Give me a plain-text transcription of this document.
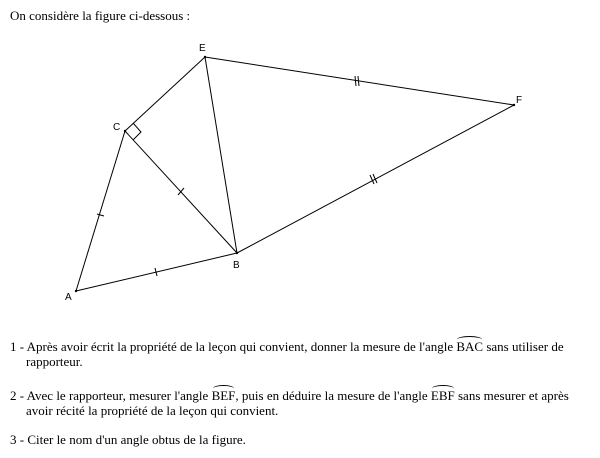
On considère la figure ci-dessous :
A
B
C
E
F
1 - Après avoir écrit la propriété de la leçon qui convient, donner la mesure de l'angle BAC sans utiliser de
rapporteur.
2 - Avec le rapporteur, mesurer l'angle BEF, puis en déduire la mesure de l'angle EBF sans mesurer et après
avoir récité la propriété de la leçon qui convient.
3 - Citer le nom d'un angle obtus de la figure.
